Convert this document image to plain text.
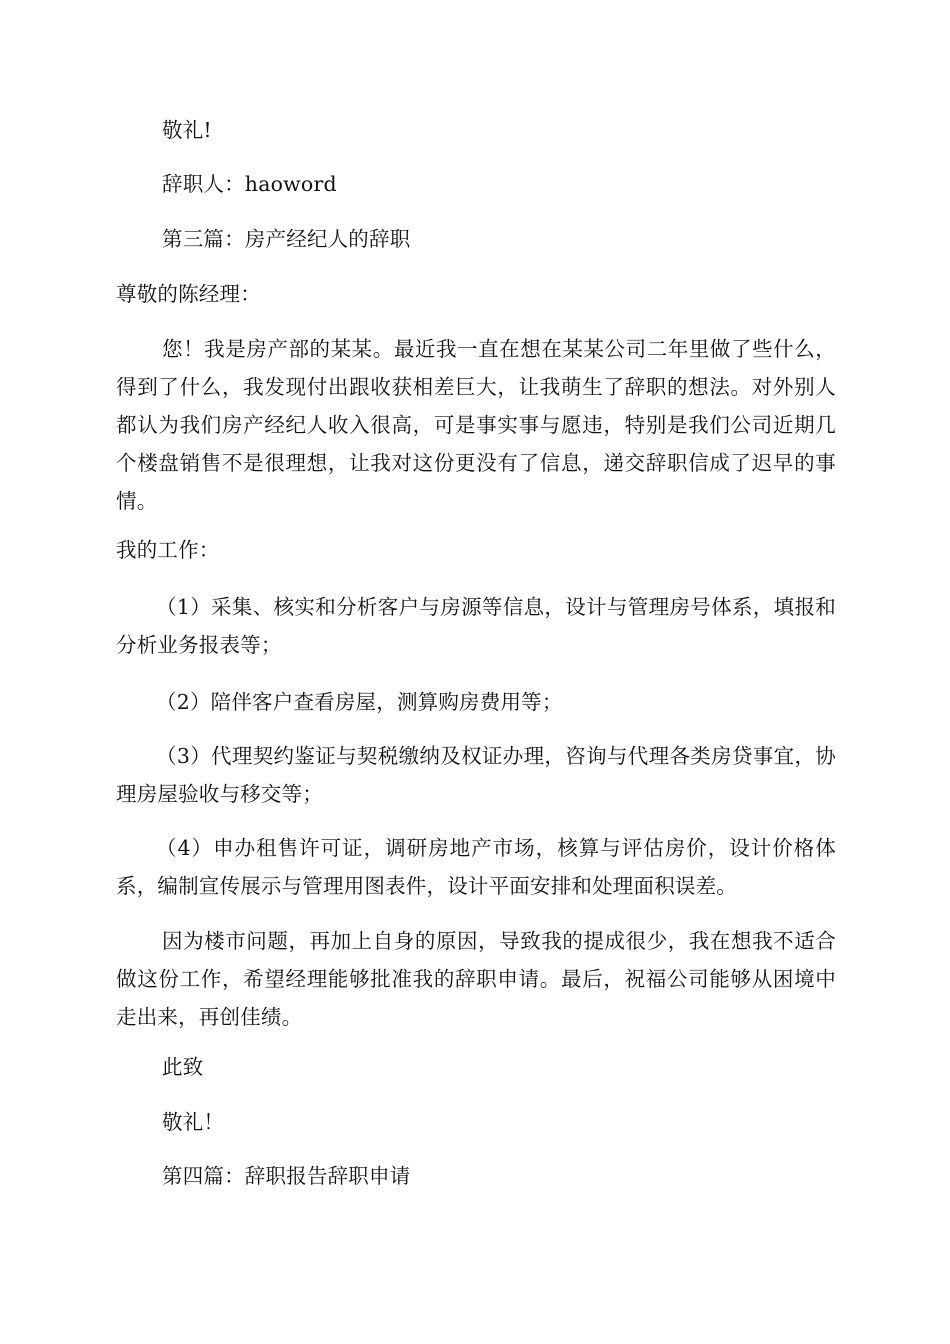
敬礼!

辞职人：haoword

第三篇：房产经纪人的辞职

尊敬的陈经理：

您！我是房产部的某某。最近我一直在想在某某公司二年里做了些什么，得到了什么，我发现付出跟收获相差巨大，让我萌生了辞职的想法。对外别人都认为我们房产经纪人收入很高，可是事实事与愿违，特别是我们公司近期几个楼盘销售不是很理想，让我对这份更没有了信息，递交辞职信成了迟早的事情。

我的工作：

（1）采集、核实和分析客户与房源等信息，设计与管理房号体系，填报和分析业务报表等；

（2）陪伴客户查看房屋，测算购房费用等；

（3）代理契约鉴证与契税缴纳及权证办理，咨询与代理各类房贷事宜，协理房屋验收与移交等；

（4）申办租售许可证，调研房地产市场，核算与评估房价，设计价格体系，编制宣传展示与管理用图表件，设计平面安排和处理面积误差。

因为楼市问题，再加上自身的原因，导致我的提成很少，我在想我不适合做这份工作，希望经理能够批准我的辞职申请。最后，祝福公司能够从困境中走出来，再创佳绩。

此致

敬礼！

第四篇：辞职报告辞职申请
